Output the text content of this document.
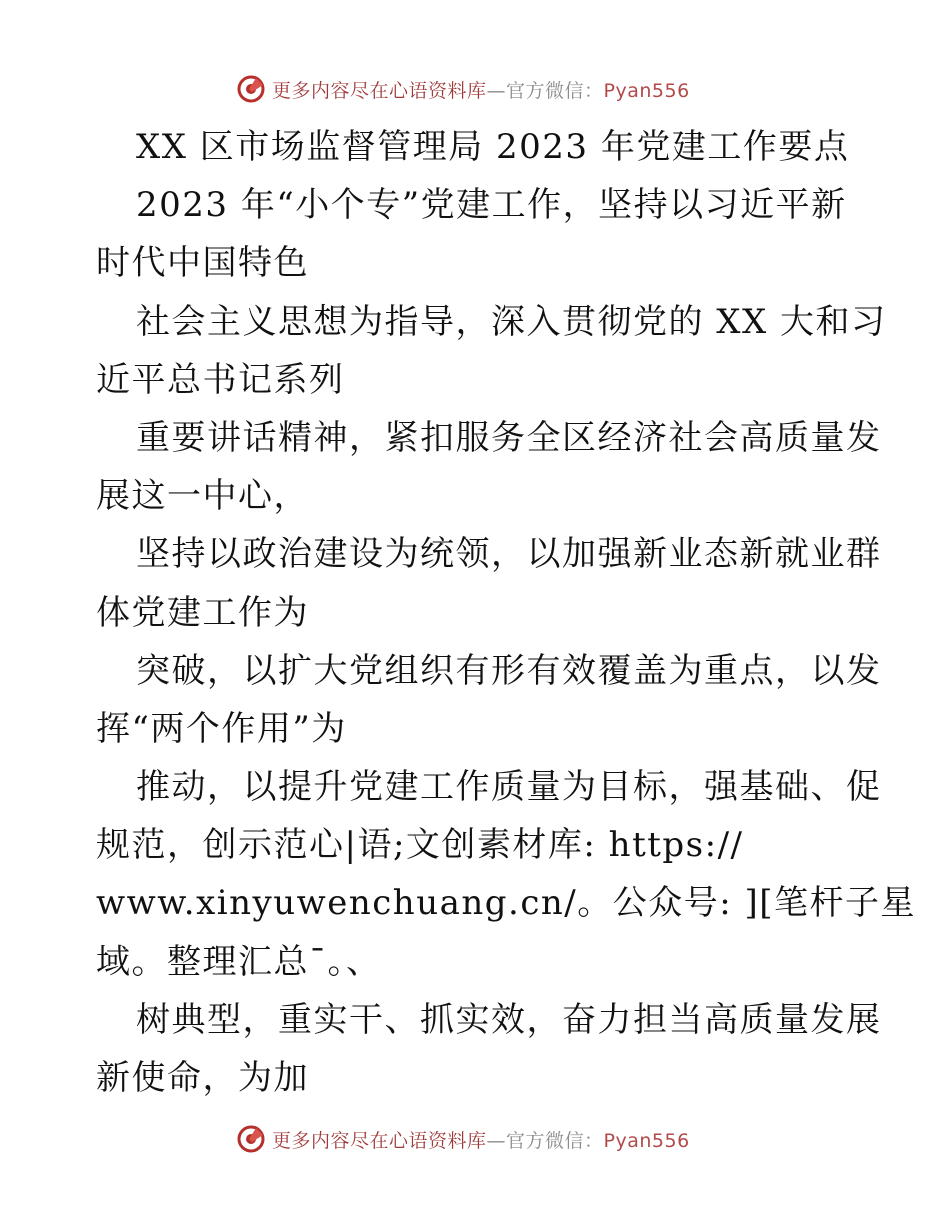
更多内容尽在心语资料库—官方微信：Pyan556
XX 区市场监督管理局 2023 年党建工作要点
2023 年“小个专”党建工作，坚持以习近平新
时代中国特色
社会主义思想为指导，深入贯彻党的 XX 大和习
近平总书记系列
重要讲话精神，紧扣服务全区经济社会高质量发
展这一中心，
坚持以政治建设为统领，以加强新业态新就业群
体党建工作为
突破，以扩大党组织有形有效覆盖为重点，以发
挥“两个作用”为
推动，以提升党建工作质量为目标，强基础、促
规范，创示范心|语;文创素材库: https://
www.xinyuwenchuang.cn/。公众号: ][笔杆子星
域。整理汇总¯。、
树典型，重实干、抓实效，奋力担当高质量发展
新使命，为加
更多内容尽在心语资料库—官方微信：Pyan556
